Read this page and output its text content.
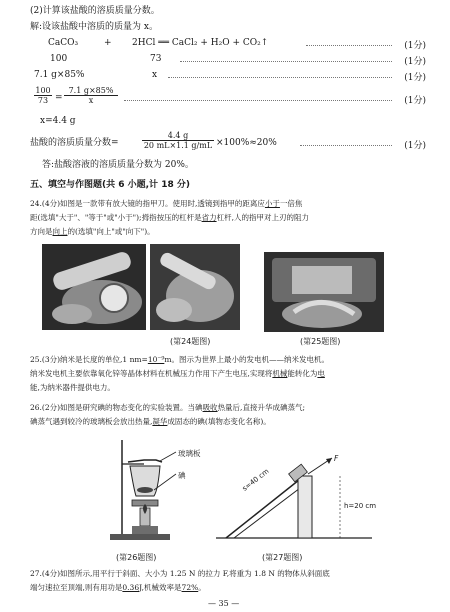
(2)计算该盐酸的溶质质量分数。
解:设该盐酸中溶质的质量为 x。
CaCO₃	+ 2HCl ══ CaCl₂ + H₂O + CO₂↑	(1分)
100	73	(1分)
7.1 g×85%	x	(1分)
$\frac{100}{73} = \frac{7.1 g\times 85\%}{x}$	(1分)
x=4.4 g
盐酸的溶质质量分数=	$\frac{4.4 g}{20 mL\times 1.1 g/mL} \times 100\%\approx 20\%$	(1分)
答:盐酸溶液的溶质质量分数为 20%。
五、填空与作图题(共 6 小题,计 18 分)
24.(4分)如图是一款带有放大镜的指甲刀。使用时,透镜到指甲的距离应小于一倍焦
距(选填"大于"、"等于"或"小于");拇指按压的杠杆是省力杠杆,人的指甲对上刃的阻力
方向是向上的(选填"向上"或"向下")。
(第24题图)	(第25题图)
25.(3分)纳米是长度的单位,1 nm=10⁻⁹m。图示为世界上最小的发电机——纳米发电机。
纳米发电机主要依靠氧化锌等晶体材料在机械压力作用下产生电压,实现将机械能转化为电
能,为纳米器件提供电力。
26.(2分)如图是研究碘的物态变化的实验装置。当碘吸收热量后,直接升华成碘蒸气;
碘蒸气遇到较冷的玻璃板会放出热量,凝华成固态的碘(填物态变化名称)。
玻璃板
碘
(第26题图)
s=40 cm
h=20 cm
F
(第27题图)
27.(4分)如图所示,用平行于斜面、大小为 1.25 N 的拉力 F,将重为 1.8 N 的物体从斜面底
端匀速拉至顶端,则有用功是0.36J,机械效率是72%。
— 35 —
